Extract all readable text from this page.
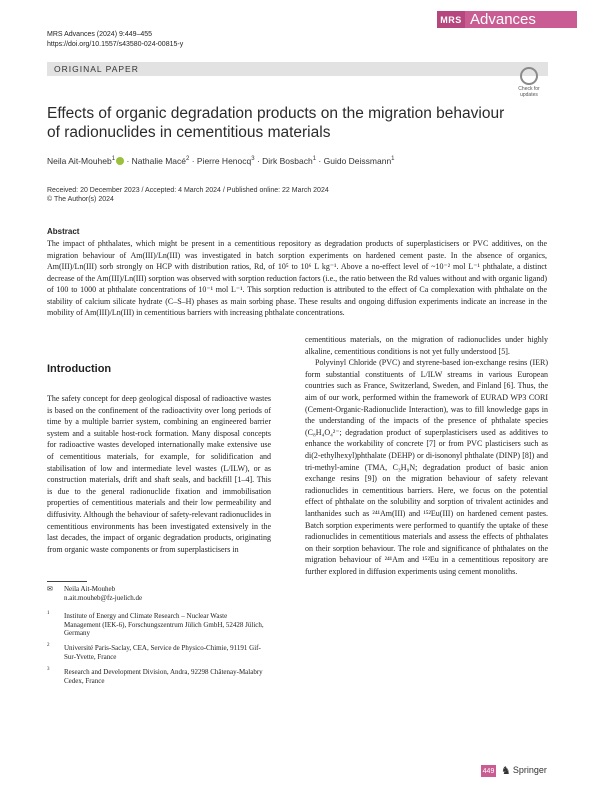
MRS Advances
MRS Advances (2024) 9:449–455
https://doi.org/10.1557/s43580-024-00815-y
ORIGINAL PAPER
Check for
updates
Effects of organic degradation products on the migration behaviour of radionuclides in cementitious materials
Neila Ait-Mouheb$^1$ · Nathalie Macé$^2$ · Pierre Henocq$^3$ · Dirk Bosbach$^1$ · Guido Deissmann$^1$
Received: 20 December 2023 / Accepted: 4 March 2024 / Published online: 22 March 2024
© The Author(s) 2024
Abstract
The impact of phthalates, which might be present in a cementitious repository as degradation products of superplasticisers or PVC additives, on the migration behaviour of Am(III)/Ln(III) was investigated in batch sorption experiments on hardened cement paste. In the absence of organics, Am(III)/Ln(III) sorb strongly on HCP with distribution ratios, Rd, of 10⁵ to 10⁶ L kg⁻¹. Above a no-effect level of ~10⁻² mol L⁻¹ phthalate, a distinct decrease of the Am(III)/Ln(III) sorption was observed with sorption reduction factors (i.e., the ratio between the Rd values without and with organic ligand) of 100 to 1000 at phthalate concentrations of 10⁻¹ mol L⁻¹. This sorption reduction is attributed to the effect of Ca complexation with phthalate on the stability of calcium silicate hydrate (C–S–H) phases as main sorbing phase. These results and ongoing diffusion experiments indicate an increase in the mobility of Am(III)/Ln(III) in cementitious barriers with increasing phthalate concentrations.
Introduction

The safety concept for deep geological disposal of radioactive wastes is based on the confinement of the radioactivity over long periods of time by a multiple barrier system, combining an engineered barrier system and a suitable host-rock formation. Many disposal concepts for radioactive wastes developed internationally make extensive use of cementitious materials, for example, for solidification and stabilisation of low and intermediate level wastes (L/ILW), or as construction materials, drift and shaft seals, and backfill [1–4]. This is due to the general radionuclide fixation and immobilisation properties of cementitious materials and their low permeability and diffusivity. Although the behaviour of safety-relevant radionuclides in cementitious environments has been investigated extensively in the last decades, the impact of organic degradation products, originating from organic waste components or from superplasticisers in

cementitious materials, on the migration of radionuclides under highly alkaline, cementitious conditions is not yet fully understood [5].

Polyvinyl Chloride (PVC) and styrene-based ion-exchange resins (IER) form substantial constituents of L/ILW streams in various European countries such as France, Switzerland, Sweden, and Finland [6]. Thus, the aim of our work, performed within the framework of EURAD WP3 CORI (Cement-Organic-Radionuclide Interaction), was to fill knowledge gaps in the understanding of the impacts of the presence of phthalate species (C₈H₄O₄²⁻; degradation product of superplasticisers used as additives to enhance the workability of concrete [7] or from PVC plasticisers such as di(2-ethylhexyl)phthalate (DEHP) or di-isononyl phthalate (DINP) [8]) and tri-methyl-amine (TMA, C₃H₉N; degradation product of basic anion exchange resins [9]) on the migration behaviour of safety relevant radionuclides in cementitious barriers. Here, we focus on the potential effect of phthalate on the solubility and sorption of trivalent actinides and lanthanides such as ²⁴¹Am(III) and ¹⁵²Eu(III) on hardened cement pastes. Batch sorption experiments were performed to quantify the uptake of these radionuclides in cementitious materials and assess the effects of phthalates on their sorption behaviour. The role and significance of phthalates on the migration behaviour of ²⁴¹Am and ¹⁵²Eu in a cementitious repository are further explored in diffusion experiments using cement monoliths.

✉	Neila Ait-Mouheb
n.ait.mouheb@fz-juelich.de
1 Institute of Energy and Climate Research – Nuclear Waste Management (IEK-6), Forschungszentrum Jülich GmbH, 52428 Jülich, Germany
2 Université Paris-Saclay, CEA, Service de Physico-Chimie, 91191 Gif-Sur-Yvette, France
3 Research and Development Division, Andra, 92298 Châtenay-Malabry Cedex, France
449 ♞ Springer
